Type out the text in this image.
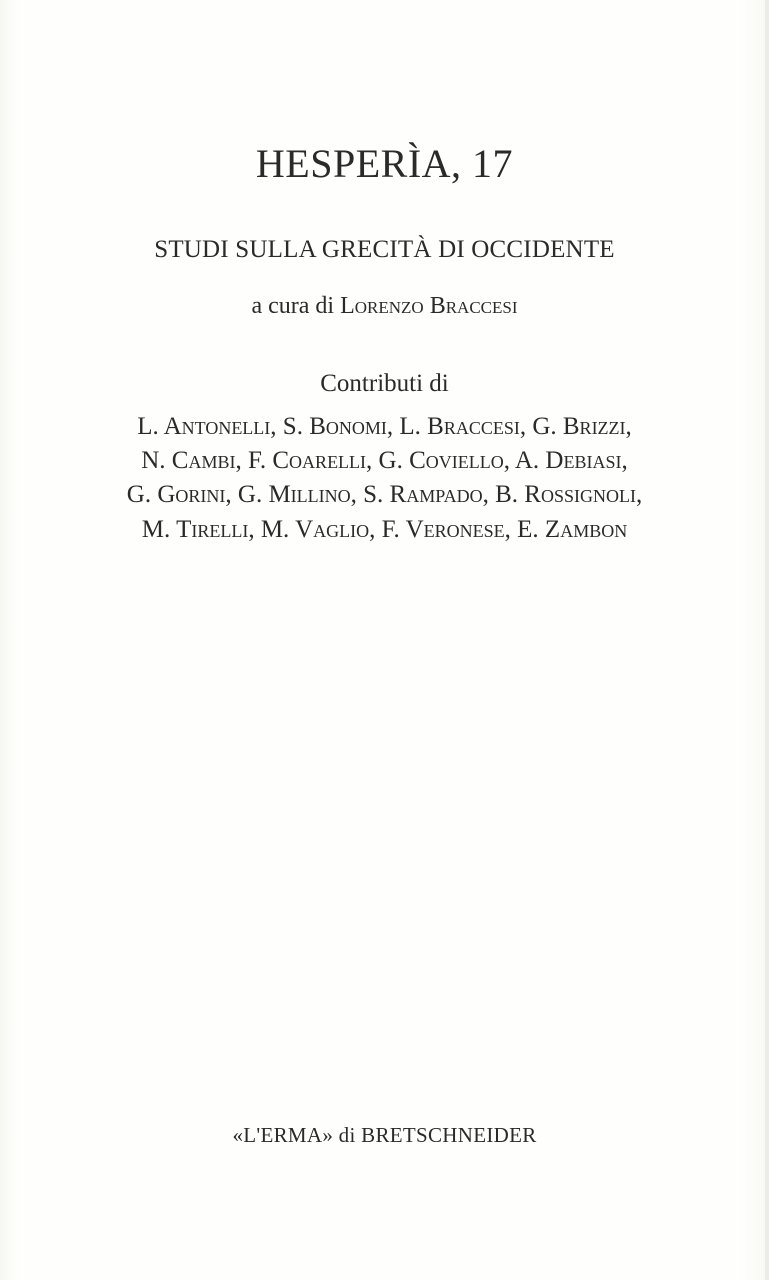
HESPERÌA, 17
STUDI SULLA GRECITÀ DI OCCIDENTE
a cura di Lorenzo Braccesi
Contributi di
L. Antonelli, S. Bonomi, L. Braccesi, G. Brizzi,
N. Cambi, F. Coarelli, G. Coviello, A. Debiasi,
G. Gorini, G. Millino, S. Rampado, B. Rossignoli,
M. Tirelli, M. Vaglio, F. Veronese, E. Zambon
«L'ERMA» di BRETSCHNEIDER
